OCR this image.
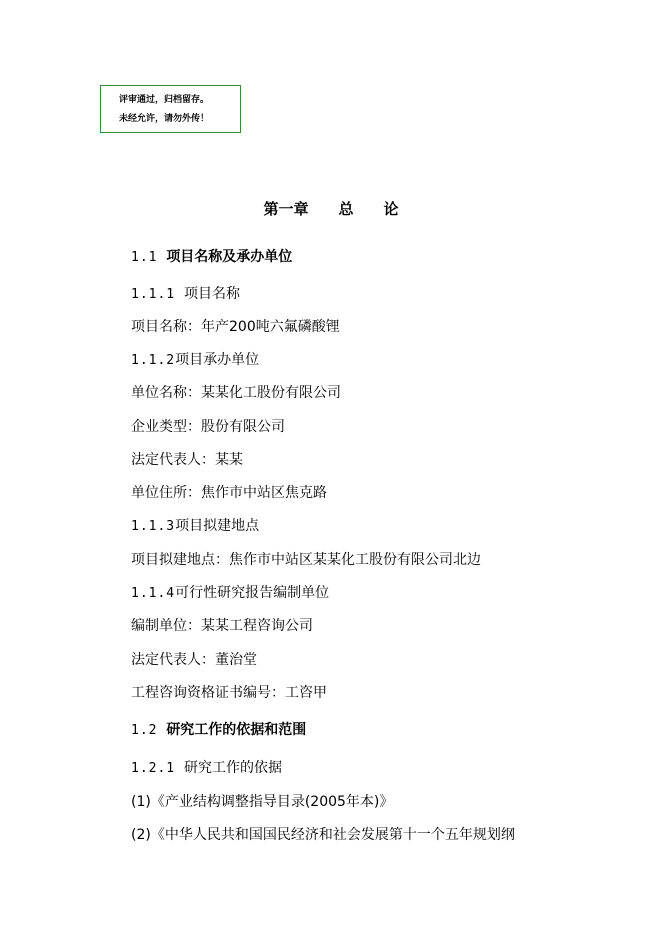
评审通过，归档留存。
未经允许，请勿外传！
第一章　　总　　论
1.1 项目名称及承办单位
1.1.1 项目名称
项目名称：年产200吨六氟磷酸锂
1.1.2项目承办单位
单位名称：某某化工股份有限公司
企业类型：股份有限公司
法定代表人：某某
单位住所：焦作市中站区焦克路
1.1.3项目拟建地点
项目拟建地点：焦作市中站区某某化工股份有限公司北边
1.1.4可行性研究报告编制单位
编制单位：某某工程咨询公司
法定代表人：董治堂
工程咨询资格证书编号：工咨甲
1.2 研究工作的依据和范围
1.2.1 研究工作的依据
(1)《产业结构调整指导目录(2005年本)》
(2)《中华人民共和国国民经济和社会发展第十一个五年规划纲
